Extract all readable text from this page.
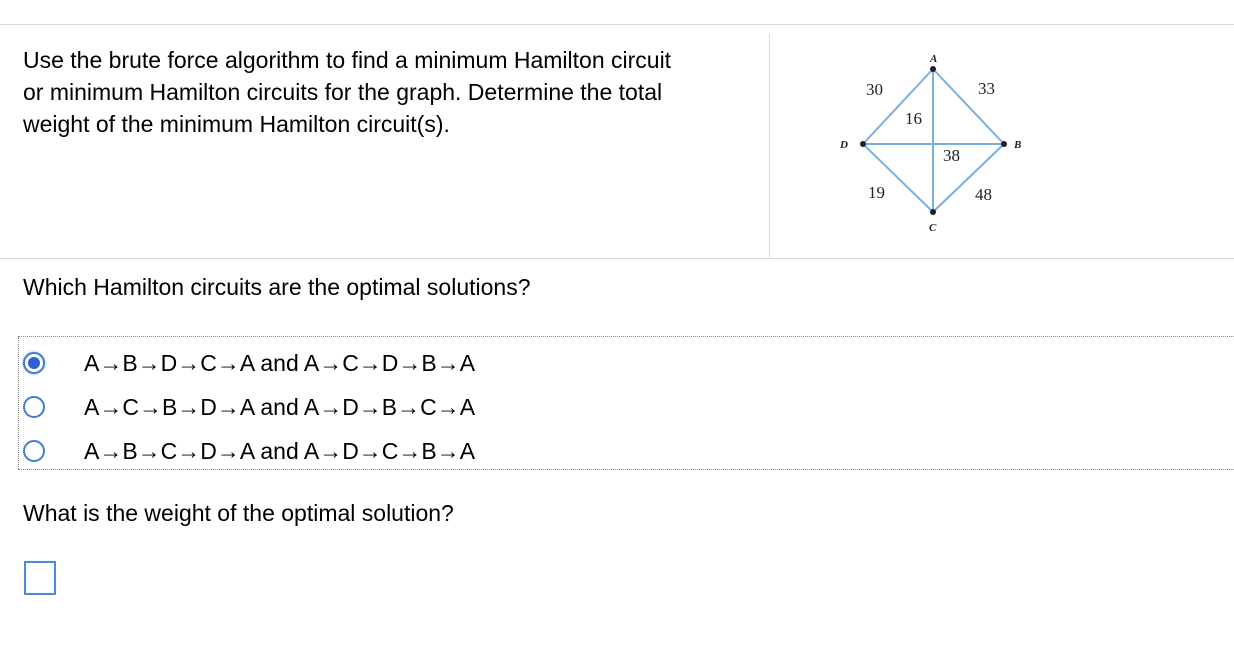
Use the brute force algorithm to find a minimum Hamilton circuit
or minimum Hamilton circuits for the graph. Determine the total
weight of the minimum Hamilton circuit(s).
A
B
C
D
30	33
16
38
19	48
Which Hamilton circuits are the optimal solutions?
A→B→D→C→A and A→C→D→B→A
A→C→B→D→A and A→D→B→C→A
A→B→C→D→A and A→D→C→B→A
What is the weight of the optimal solution?
